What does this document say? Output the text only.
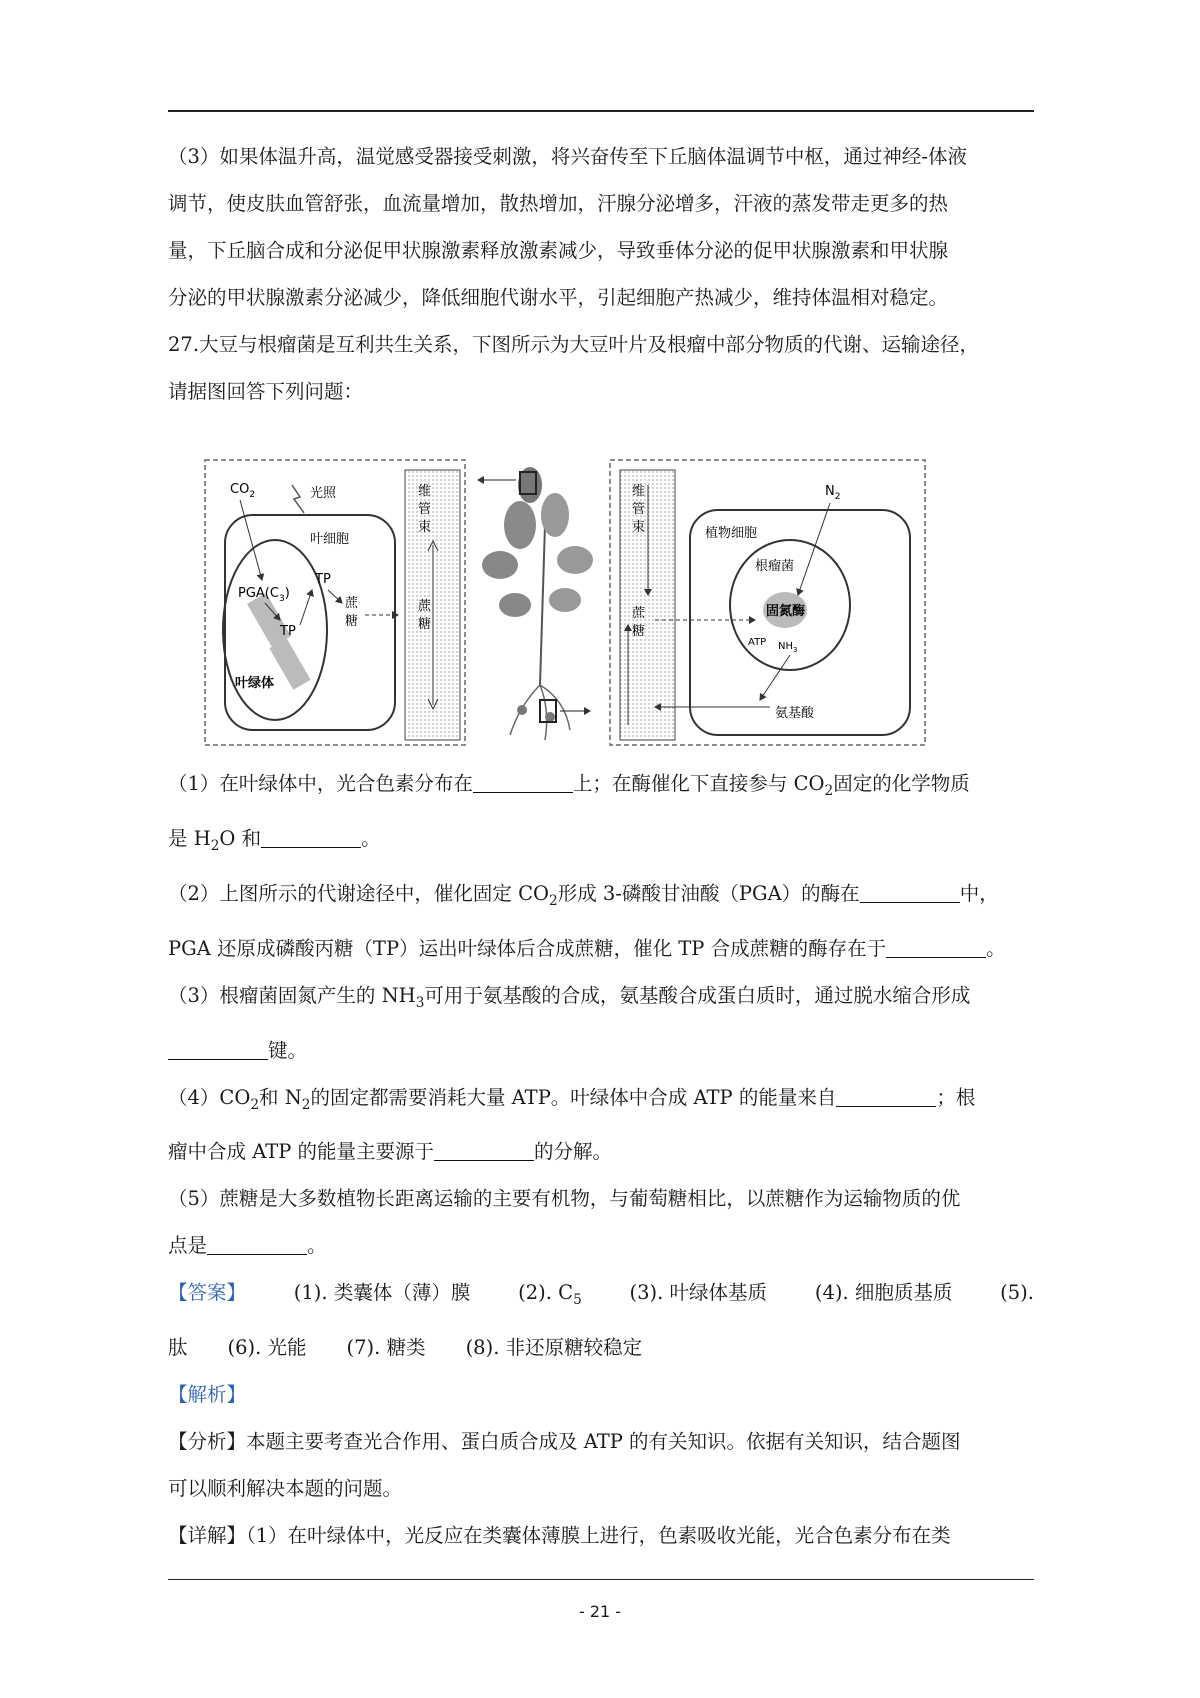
（3）如果体温升高，温觉感受器接受刺激，将兴奋传至下丘脑体温调节中枢，通过神经-体液

调节，使皮肤血管舒张，血流量增加，散热增加，汗腺分泌增多，汗液的蒸发带走更多的热

量，下丘脑合成和分泌促甲状腺激素释放激素减少，导致垂体分泌的促甲状腺激素和甲状腺

分泌的甲状腺激素分泌减少，降低细胞代谢水平，引起细胞产热减少，维持体温相对稳定。

27.大豆与根瘤菌是互利共生关系，下图所示为大豆叶片及根瘤中部分物质的代谢、运输途径，

请据图回答下列问题：

$CO_2$	光照
叶细胞
$PGA(C_3)$
TP
TP
蔗
糖
叶绿体
维
管
束
蔗
糖
维
管
束
蔗
糖
植物细胞
$N_2$
根瘤菌
固氮酶
ATP $NH_3$
氨基酸

（1）在叶绿体中，光合色素分布在	上；在酶催化下直接参与 $CO_2$固定的化学物质

是 $H_2O$ 和	。

（2）上图所示的代谢途径中，催化固定 $CO_2$形成 3-磷酸甘油酸（PGA）的酶在	中，

PGA 还原成磷酸丙糖（TP）运出叶绿体后合成蔗糖，催化 TP 合成蔗糖的酶存在于	。

（3）根瘤菌固氮产生的 $NH_3$可用于氨基酸的合成，氨基酸合成蛋白质时，通过脱水缩合形成

键。

$(4)CO_2$和 $N_2$的固定都需要消耗大量 ATP。叶绿体中合成 ATP 的能量来自	；根

瘤中合成 ATP 的能量主要源于	的分解。

（5）蔗糖是大多数植物长距离运输的主要有机物，与葡萄糖相比，以蔗糖作为运输物质的优

点是	。

【答案】 (1). 类囊体（薄）膜 (2). $C_5$ (3). 叶绿体基质 (4). 细胞质基质 (5).

肽 (6). 光能 (7). 糖类 (8). 非还原糖较稳定

【解析】

【分析】本题主要考查光合作用、蛋白质合成及 ATP 的有关知识。依据有关知识，结合题图

可以顺利解决本题的问题。

【详解】（1）在叶绿体中，光反应在类囊体薄膜上进行，色素吸收光能，光合色素分布在类

- 21 -
